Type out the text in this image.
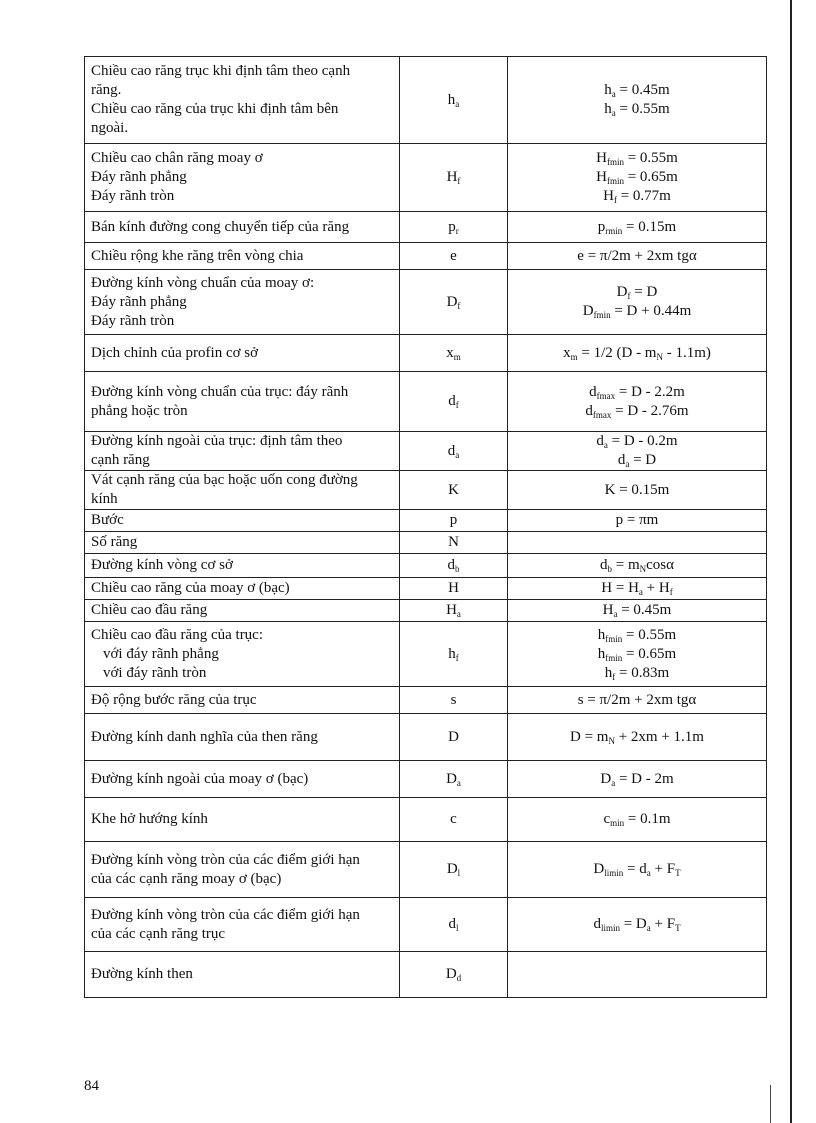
Chiều cao răng trục khi định tâm theo cạnh
răng.
Chiều cao răng của trục khi định tâm bên
ngoài.	$h_a$	$h_a = 0.45m$
$h_a = 0.55m$

Chiều cao chân răng moay ơ
Đáy rãnh phẳng
Đáy rãnh tròn	$H_f$	$H_{fmin} = 0.55m$
$H_{fmin} = 0.65m$
$H_f = 0.77m$

Bán kính đường cong chuyển tiếp của răng	$p_r$	$p_{rmin} = 0.15m$

Chiều rộng khe răng trên vòng chia	e	e = π/2m + 2xm tgα

Đường kính vòng chuẩn của moay ơ:
Đáy rãnh phẳng
Đáy rãnh tròn	$D_f$	$D_f = D$
$D_{fmin} = D + 0.44m$

Dịch chỉnh của profin cơ sở	$x_m$	$x_m = 1/2$ $(D - m_N - 1.1m)$

Đường kính vòng chuẩn của trục: đáy rãnh
phẳng hoặc tròn	$d_f$	$d_{fmax} = D - 2.2m$
$d_{fmax} = D - 2.76m$

Đường kính ngoài của trục: định tâm theo
cạnh răng	$d_a$	$d_a = D - 0.2m$
$d_a = D$

Vát cạnh răng của bạc hoặc uốn cong đường
kính	K	K = 0.15m

Bước	p	p = πm

Số răng	N	

Đường kính vòng cơ sở	$d_b$	$d_b = m_N\cos\alpha$

Chiều cao răng của moay ơ (bạc)	H	$H = H_a + H_f$

Chiều cao đầu răng	$H_a$	$H_a = 0.45m$

Chiều cao đầu răng của trục:
với đáy rãnh phẳng
với đáy rãnh tròn	$h_f$	$h_{fmin} = 0.55m$
$h_{fmin} = 0.65m$
$h_f = 0.83m$

Độ rộng bước răng của trục	s	s = π/2m + 2xm tgα

Đường kính danh nghĩa của then răng	D	$D = m_N + 2xm + 1.1m$

Đường kính ngoài của moay ơ (bạc)	$D_a$	$D_a = D - 2m$

Khe hở hướng kính	c	$c_{min} = 0.1m$

Đường kính vòng tròn của các điểm giới hạn
của các cạnh răng moay ơ (bạc)	$D_l$	$D_{limin} = d_a + F_T$

Đường kính vòng tròn của các điểm giới hạn
của các cạnh răng trục	$d_l$	$d_{limin} = D_a + F_T$

Đường kính then	$D_d$	
84
